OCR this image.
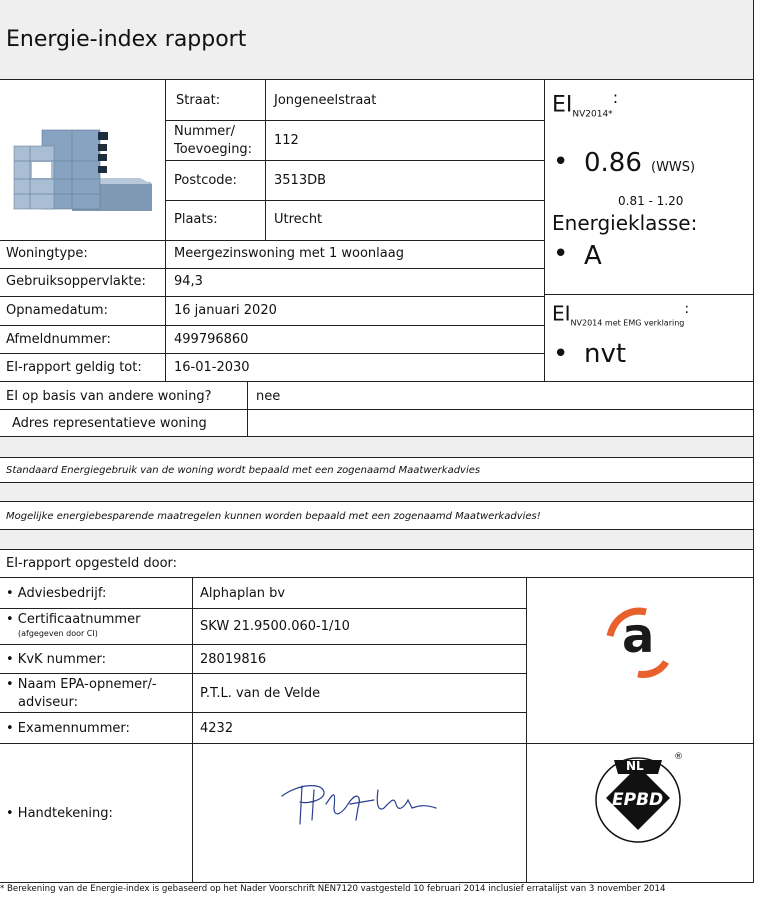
Energie-index rapport
Straat:	Jongeneelstraat
Nummer/
Toevoeging:
112
Postcode:	3513DB
Plaats:	Utrecht
Woningtype:	Meergezinswoning met 1 woonlaag
Gebruiksoppervlakte: 94,3
Opnamedatum:	16 januari 2020
Afmeldnummer:	499796860
EI-rapport geldig tot: 16-01-2030
$EI_{NV2014*}^:$
• 0.86 (WWS)
0.81 - 1.20
Energieklasse:
• A
$EI_{NV2014 met EMG verklaring}^:$
• nvt
EI op basis van andere woning?	nee
Adres representatieve woning
Standaard Energiegebruik van de woning wordt bepaald met een zogenaamd Maatwerkadvies
Mogelijke energiebesparende maatregelen kunnen worden bepaald met een zogenaamd Maatwerkadvies!
EI-rapport opgesteld door:
• Adviesbedrijf:	Alphaplan bv
• Certificaatnummer
(afgegeven door CI)	SKW 21.9500.060-1/10
• KvK nummer:	28019816
• Naam EPA-opnemer/-
adviseur:
P.T.L. van de Velde
• Examennummer:	4232
• Handtekening:
a
NL
EPBD
®
* Berekening van de Energie-index is gebaseerd op het Nader Voorschrift NEN7120 vastgesteld 10 februari 2014 inclusief erratalijst van 3 november 2014
